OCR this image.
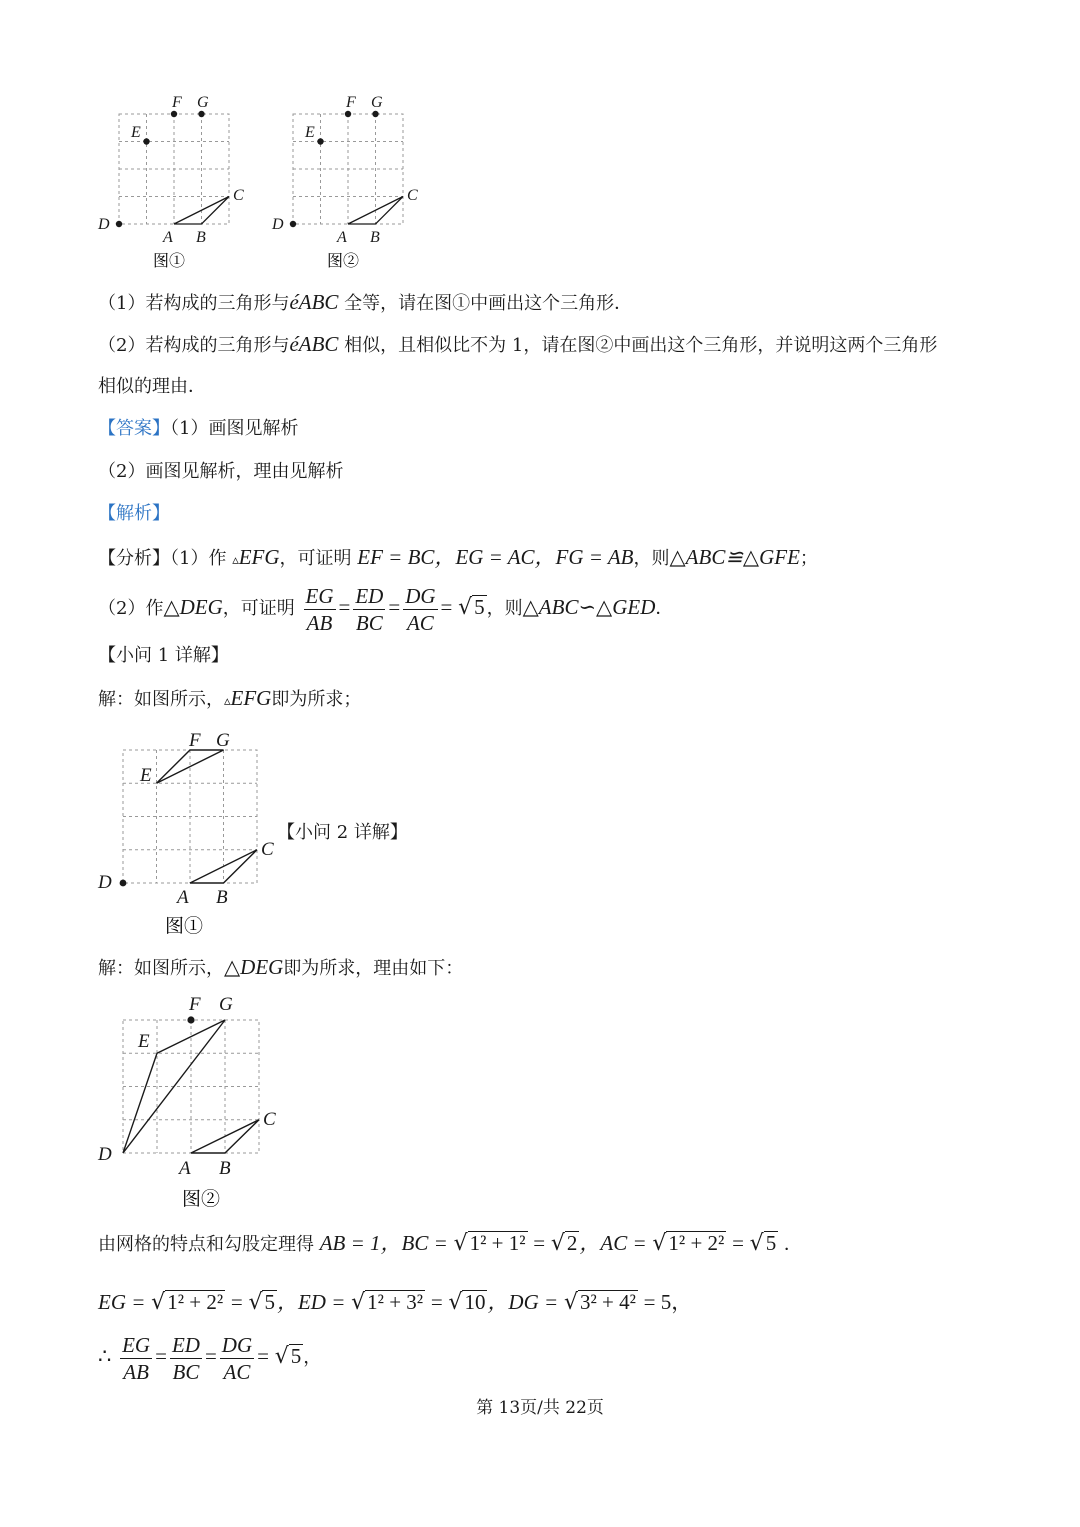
F G
E
D
A B
C
图①
F G
E
D
A B
C
图②
（1）若构成的三角形与éABC 全等，请在图①中画出这个三角形．
（2）若构成的三角形与éABC 相似，且相似比不为 1，请在图②中画出这个三角形，并说明这两个三角形
相似的理由．
【答案】（1）画图见解析
（2）画图见解析，理由见解析
【解析】
【分析】（1）作 ▵EFG，可证明 EF = BC，EG = AC，FG = AB，则△ABC≌△GFE；
（2）作△DEG，可证明 $\frac{EG}{AB} = \frac{ED}{BC} = \frac{DG}{AC} = √5$ ，则△ABC∽△GED．
【小问 1 详解】
解：如图所示，▵EFG即为所求；
F G
E
D
A B
C
图①
【小问 2 详解】
解：如图所示，△DEG即为所求，理由如下：
F G
E
D
A B
C
图②
由网格的特点和勾股定理得 AB = 1，BC = √1² + 1² = √2，AC = √1² + 2² = √5 ．
EG = √1² + 2² = √5，ED = √1² + 3² = √10，DG = √3² + 4² = 5，
∴ $\frac{EG}{AB} = \frac{ED}{BC} = \frac{DG}{AC} = √5$ ，
第 13页/共 22页
